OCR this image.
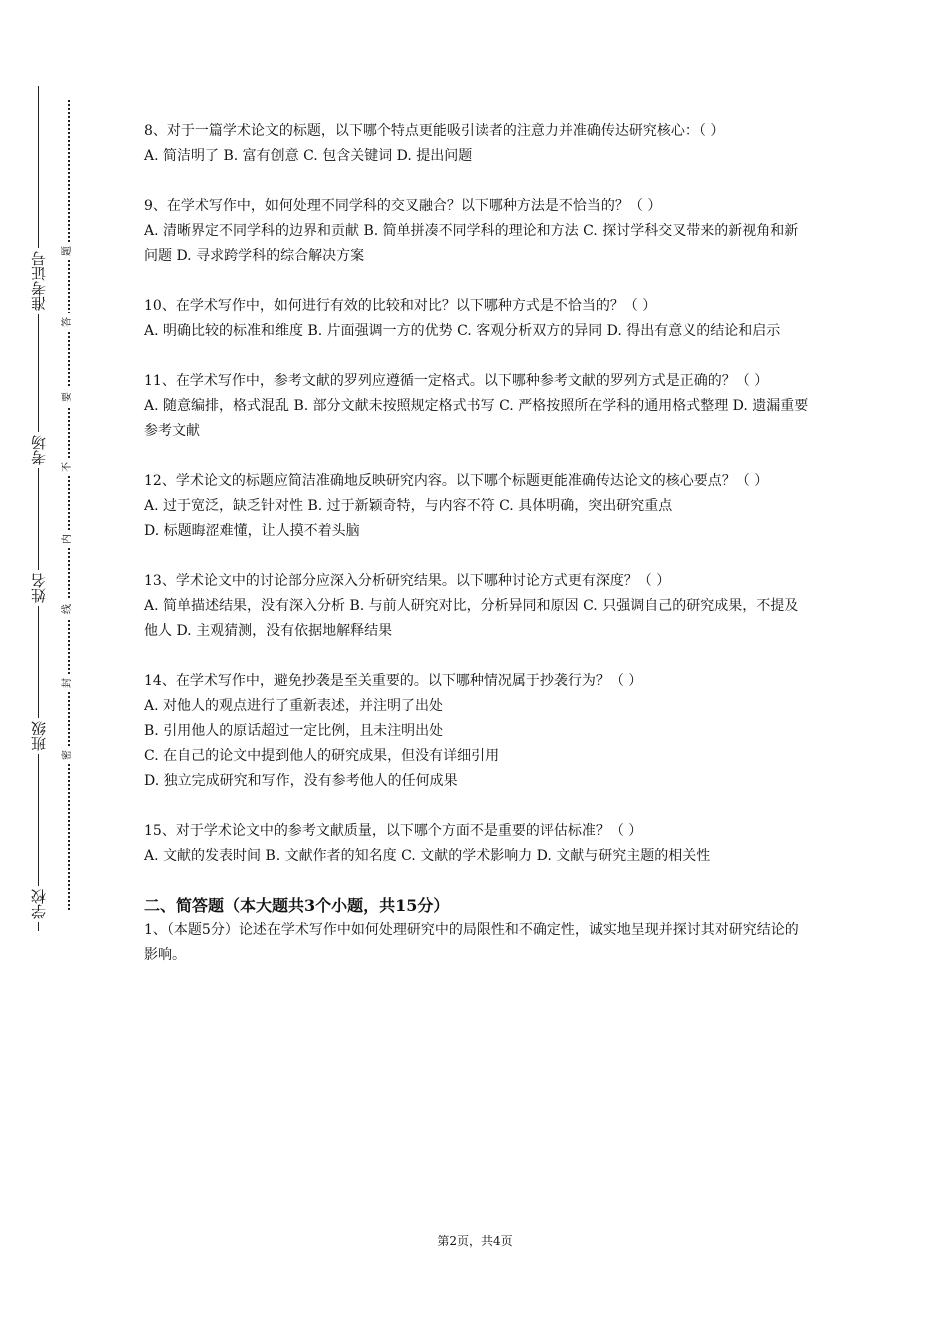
准考证号
考场
姓名
班级
学校
题
答
要
不
内
线
封
密

8、对于一篇学术论文的标题，以下哪个特点更能吸引读者的注意力并准确传达研究核心：（ ）

A. 简洁明了 B. 富有创意 C. 包含关键词 D. 提出问题

9、在学术写作中，如何处理不同学科的交叉融合？以下哪种方法是不恰当的？（ ）

A. 清晰界定不同学科的边界和贡献 B. 简单拼凑不同学科的理论和方法 C. 探讨学科交叉带来的新视角和新问题 D. 寻求跨学科的综合解决方案

10、在学术写作中，如何进行有效的比较和对比？以下哪种方式是不恰当的？（ ）

A. 明确比较的标准和维度 B. 片面强调一方的优势 C. 客观分析双方的异同 D. 得出有意义的结论和启示

11、在学术写作中，参考文献的罗列应遵循一定格式。以下哪种参考文献的罗列方式是正确的？（ ）

A. 随意编排，格式混乱 B. 部分文献未按照规定格式书写 C. 严格按照所在学科的通用格式整理 D. 遗漏重要参考文献

12、学术论文的标题应简洁准确地反映研究内容。以下哪个标题更能准确传达论文的核心要点？（ ）

A. 过于宽泛，缺乏针对性 B. 过于新颖奇特，与内容不符 C. 具体明确，突出研究重点

D. 标题晦涩难懂，让人摸不着头脑

13、学术论文中的讨论部分应深入分析研究结果。以下哪种讨论方式更有深度？（ ）

A. 简单描述结果，没有深入分析 B. 与前人研究对比，分析异同和原因 C. 只强调自己的研究成果，不提及他人 D. 主观猜测，没有依据地解释结果

14、在学术写作中，避免抄袭是至关重要的。以下哪种情况属于抄袭行为？（ ）

A. 对他人的观点进行了重新表述，并注明了出处

B. 引用他人的原话超过一定比例，且未注明出处

C. 在自己的论文中提到他人的研究成果，但没有详细引用

D. 独立完成研究和写作，没有参考他人的任何成果

15、对于学术论文中的参考文献质量，以下哪个方面不是重要的评估标准？（ ）

A. 文献的发表时间 B. 文献作者的知名度 C. 文献的学术影响力 D. 文献与研究主题的相关性

二、简答题（本大题共3个小题，共15分）

1、（本题5分）论述在学术写作中如何处理研究中的局限性和不确定性，诚实地呈现并探讨其对研究结论的影响。

第2页，共4页
